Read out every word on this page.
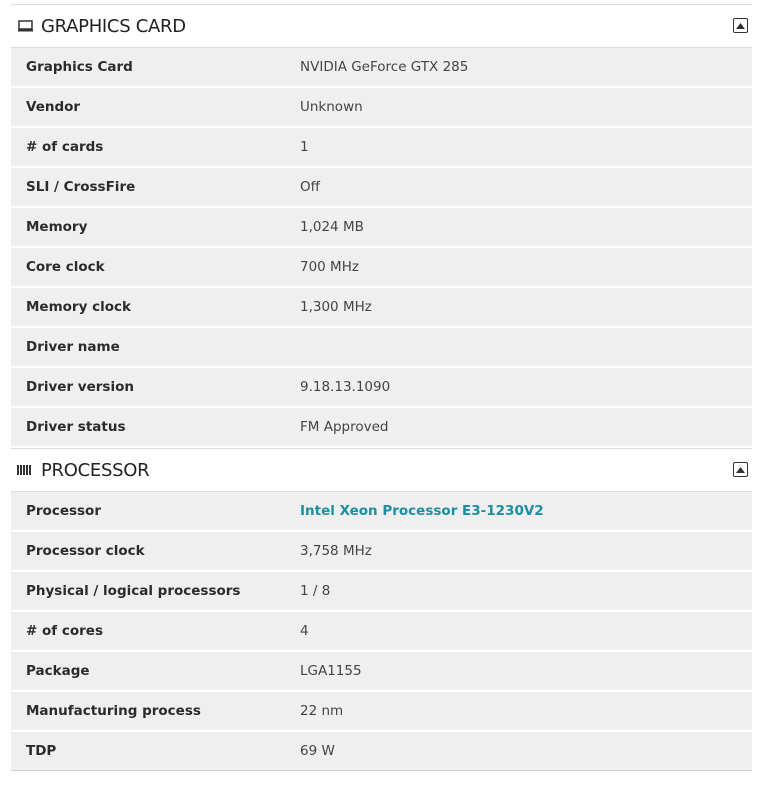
GRAPHICS CARD
Graphics Card	NVIDIA GeForce GTX 285
Vendor	Unknown
# of cards	1
SLI / CrossFire	Off
Memory	1,024 MB
Core clock	700 MHz
Memory clock	1,300 MHz
Driver name
Driver version	9.18.13.1090
Driver status	FM Approved
PROCESSOR
Processor	Intel Xeon Processor E3-1230V2
Processor clock	3,758 MHz
Physical / logical processors	1 / 8
# of cores	4
Package	LGA1155
Manufacturing process	22 nm
TDP	69 W
